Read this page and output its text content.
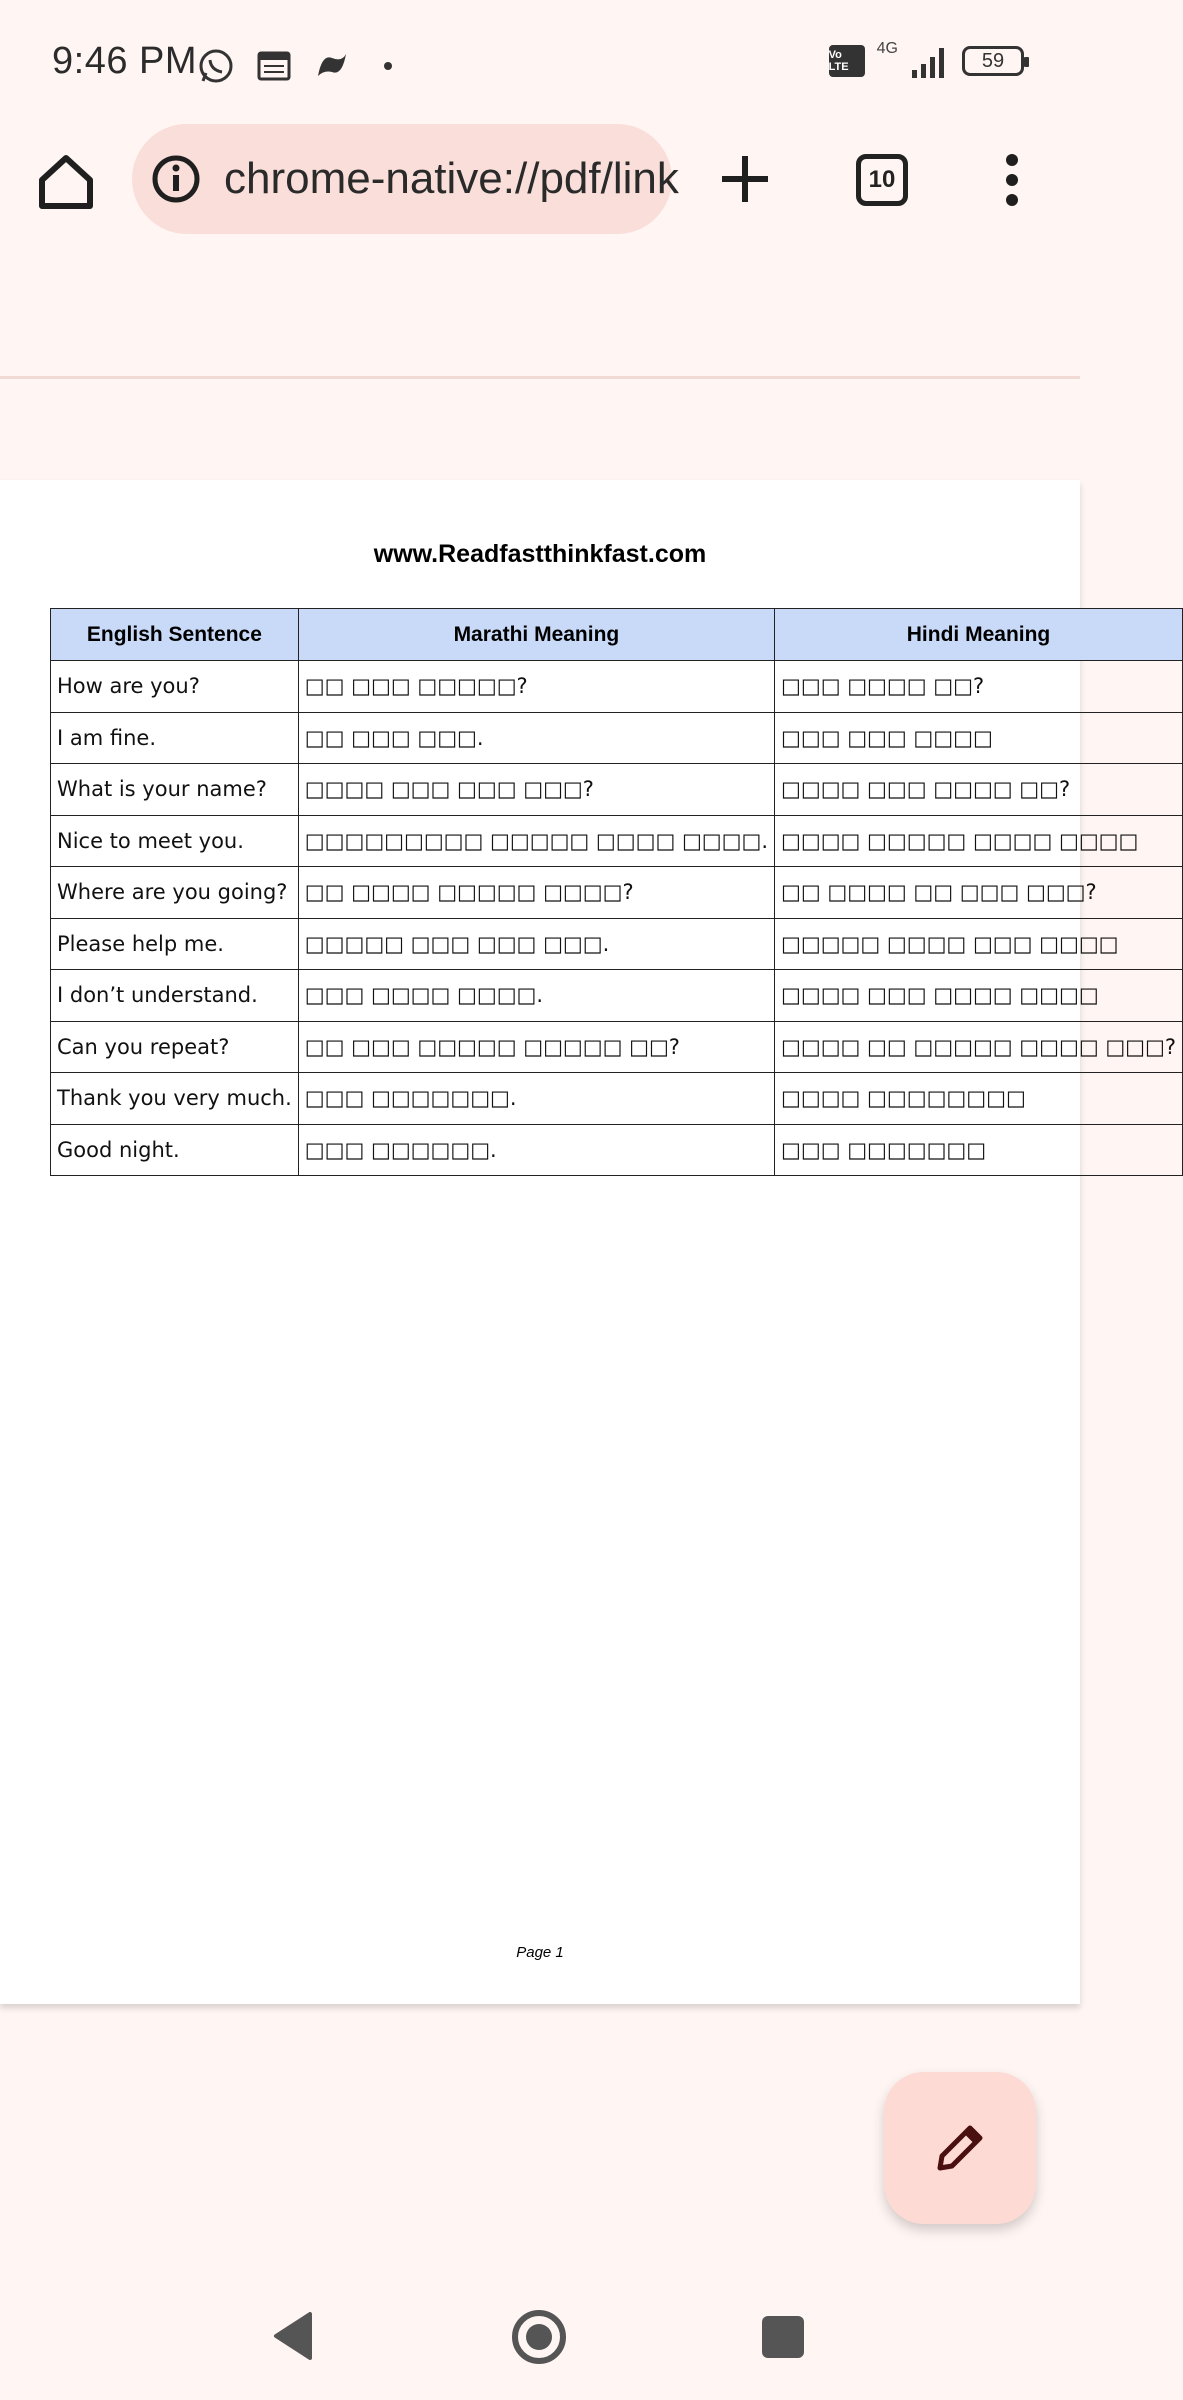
9:46 PM	Vo LTE
4G
59
chrome-native://pdf/link	10
www.Readfastthinkfast.com
English Sentence	Marathi Meaning	Hindi Meaning
How are you?	□□ □□□ □□□□□?	□□□ □□□□ □□?
I am fine.	□□ □□□ □□□.	□□□ □□□ □□□□
What is your name?	□□□□ □□□ □□□ □□□?	□□□□ □□□ □□□□ □□?
Nice to meet you.	□□□□□□□□□ □□□□□ □□□□ □□□□.	□□□□ □□□□□ □□□□ □□□□
Where are you going?	□□ □□□□ □□□□□ □□□□?	□□ □□□□ □□ □□□ □□□?
Please help me.	□□□□□ □□□ □□□ □□□.	□□□□□ □□□□ □□□ □□□□
I don’t understand.	□□□ □□□□ □□□□.	□□□□ □□□ □□□□ □□□□
Can you repeat?	□□ □□□ □□□□□ □□□□□ □□?	□□□□ □□ □□□□□ □□□□ □□□?
Thank you very much.	□□□ □□□□□□□.	□□□□ □□□□□□□□
Good night.	□□□ □□□□□□.	□□□ □□□□□□□
Page 1
